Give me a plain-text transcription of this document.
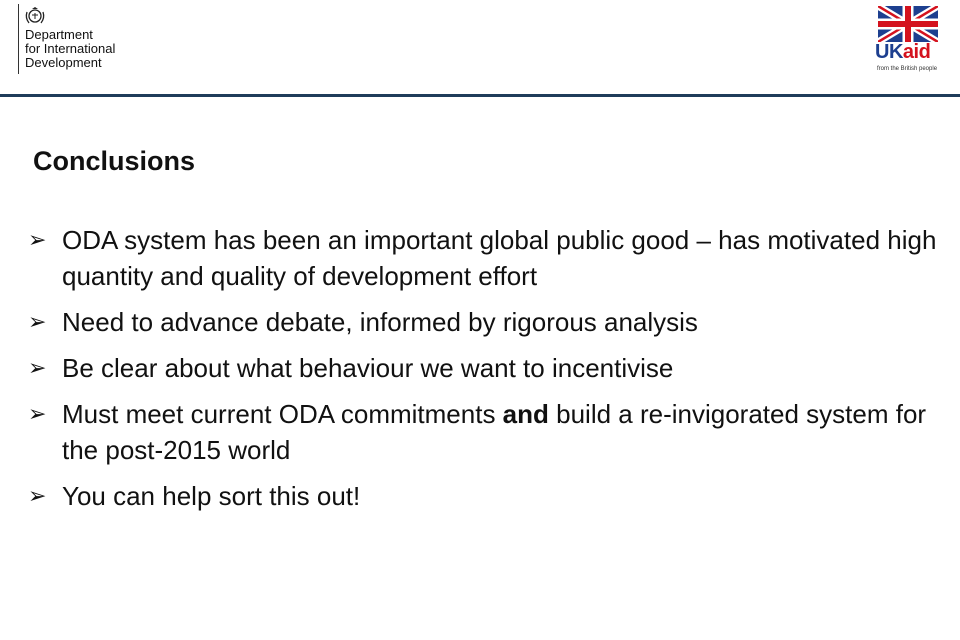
Department
for International
Development	UKaid
from the British people
Conclusions
➢ ODA system has been an important global public good – has motivated high quantity and quality of development effort
➢ Need to advance debate, informed by rigorous analysis
➢ Be clear about what behaviour we want to incentivise
➢ Must meet current ODA commitments and build a re-invigorated system for the post-2015 world
➢ You can help sort this out!
